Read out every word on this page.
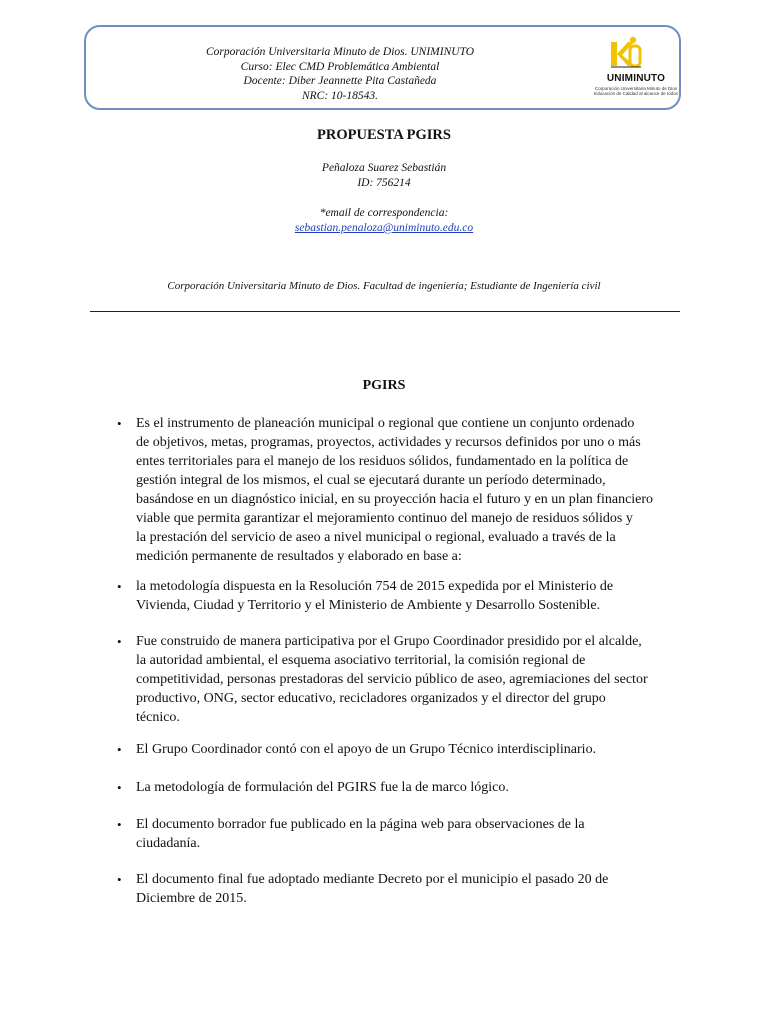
Corporación Universitaria Minuto de Dios. UNIMINUTO
Curso: Elec CMD Problemática Ambiental
Docente: Diber Jeannette Pita Castañeda
NRC: 10-18543.
UNIMINUTO
Corporación Universitaria Minuto de Dios
Educación de Calidad al alcance de todos
PROPUESTA PGIRS
Peñaloza Suarez Sebastián
ID: 756214
*email de correspondencia:
sebastian.penaloza@uniminuto.edu.co
Corporación Universitaria Minuto de Dios. Facultad de ingeniería; Estudiante de Ingeniería civil
PGIRS
• Es el instrumento de planeación municipal o regional que contiene un conjunto ordenado
de objetivos, metas, programas, proyectos, actividades y recursos definidos por uno o más
entes territoriales para el manejo de los residuos sólidos, fundamentado en la política de
gestión integral de los mismos, el cual se ejecutará durante un período determinado,
basándose en un diagnóstico inicial, en su proyección hacia el futuro y en un plan financiero
viable que permita garantizar el mejoramiento continuo del manejo de residuos sólidos y
la prestación del servicio de aseo a nivel municipal o regional, evaluado a través de la
medición permanente de resultados y elaborado en base a:
• la metodología dispuesta en la Resolución 754 de 2015 expedida por el Ministerio de
Vivienda, Ciudad y Territorio y el Ministerio de Ambiente y Desarrollo Sostenible.
• Fue construido de manera participativa por el Grupo Coordinador presidido por el alcalde,
la autoridad ambiental, el esquema asociativo territorial, la comisión regional de
competitividad, personas prestadoras del servicio público de aseo, agremiaciones del sector
productivo, ONG, sector educativo, recicladores organizados y el director del grupo
técnico.
• El Grupo Coordinador contó con el apoyo de un Grupo Técnico interdisciplinario.
• La metodología de formulación del PGIRS fue la de marco lógico.
• El documento borrador fue publicado en la página web para observaciones de la
ciudadanía.
• El documento final fue adoptado mediante Decreto por el municipio el pasado 20 de
Diciembre de 2015.
